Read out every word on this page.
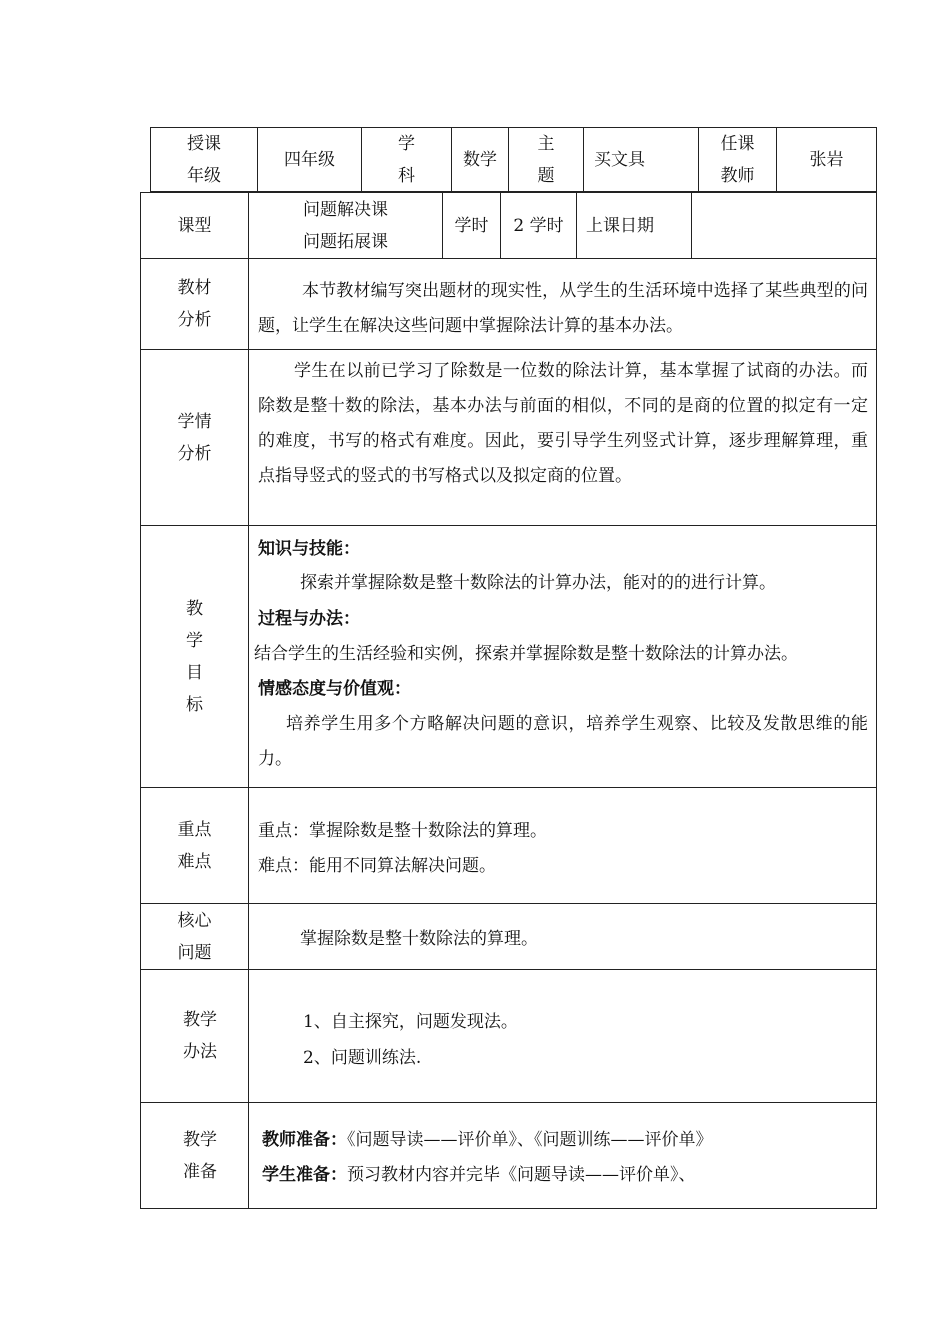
授课
年级
四年级
学
科
数学
主
题
买文具
任课
教师
张岩
课型
问题解决课
问题拓展课
学时	2 学时	上课日期
教材
分析
本节教材编写突出题材的现实性，从学生的生活环境中选择了某些典型的问题，让学生在解决这些问题中掌握除法计算的基本办法。
学情
分析
学生在以前已学习了除数是一位数的除法计算，基本掌握了试商的办法。而除数是整十数的除法，基本办法与前面的相似，不同的是商的位置的拟定有一定的难度，书写的格式有难度。因此，要引导学生列竖式计算，逐步理解算理，重点指导竖式的竖式的书写格式以及拟定商的位置。
教
学
目
标
知识与技能：
探索并掌握除数是整十数除法的计算办法，能对的的进行计算。
过程与办法：
结合学生的生活经验和实例，探索并掌握除数是整十数除法的计算办法。
情感态度与价值观：
培养学生用多个方略解决问题的意识，培养学生观察、比较及发散思维的能力。
重点
难点
重点：掌握除数是整十数除法的算理。
难点：能用不同算法解决问题。
核心
问题
掌握除数是整十数除法的算理。
教学
办法
1、自主探究，问题发现法。
2、问题训练法.
教学
准备
教师准备：《问题导读——评价单》、《问题训练——评价单》
学生准备：预习教材内容并完毕《问题导读——评价单》、
